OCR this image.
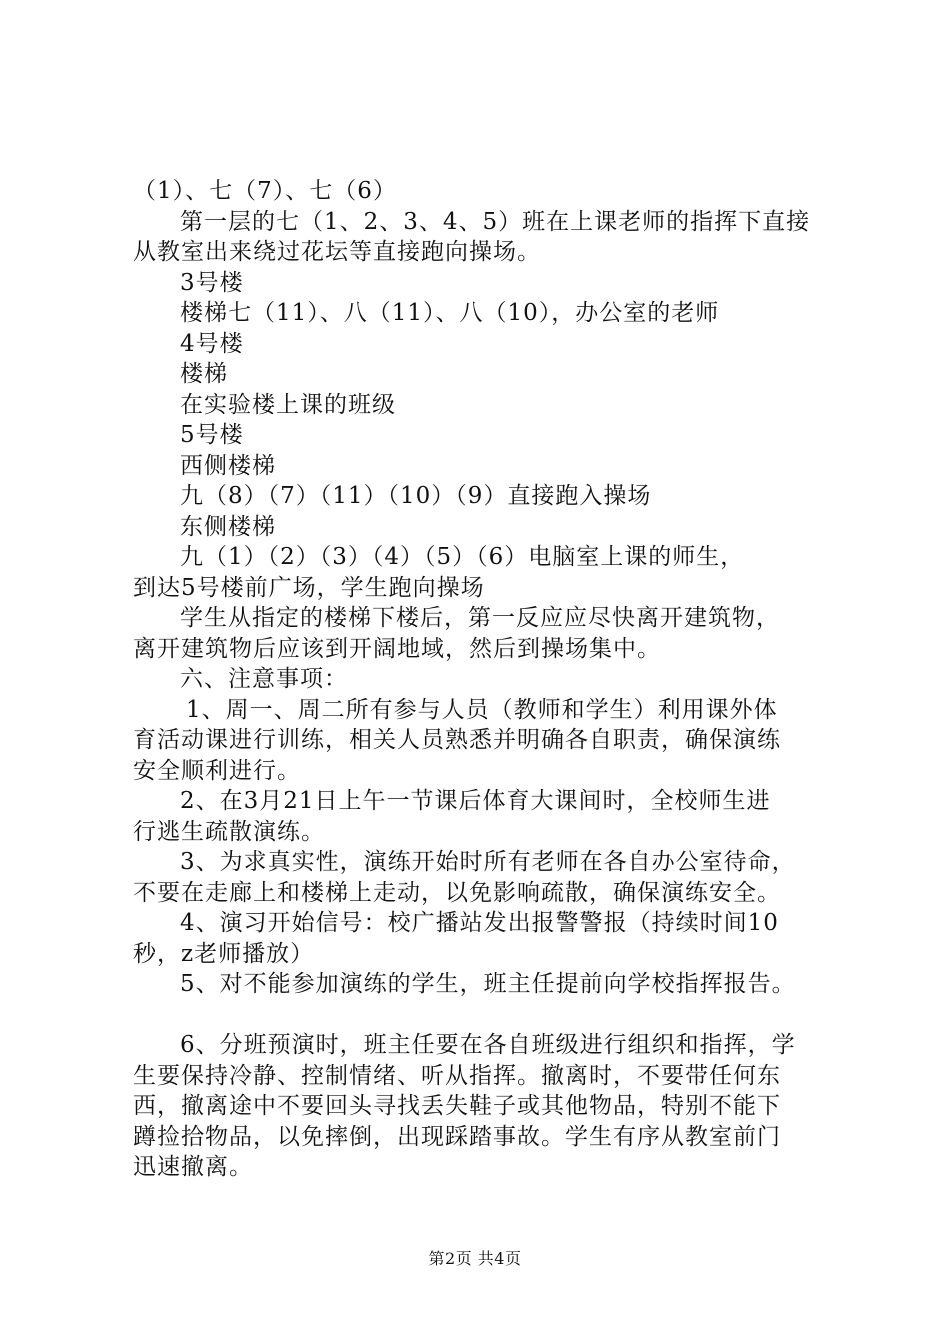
（1）、七（7）、七（6）
第一层的七（1、2、3、4、5）班在上课老师的指挥下直接
从教室出来绕过花坛等直接跑向操场。
3号楼
楼梯七（11）、八（11）、八（10），办公室的老师
4号楼
楼梯
在实验楼上课的班级
5号楼
西侧楼梯
九（8）（7）（11）（10）（9）直接跑入操场
东侧楼梯
九（1）（2）（3）（4）（5）（6）电脑室上课的师生，
到达5号楼前广场，学生跑向操场
学生从指定的楼梯下楼后，第一反应应尽快离开建筑物，
离开建筑物后应该到开阔地域，然后到操场集中。
六、注意事项：
1、周一、周二所有参与人员（教师和学生）利用课外体
育活动课进行训练，相关人员熟悉并明确各自职责，确保演练
安全顺利进行。
2、在3月21日上午一节课后体育大课间时，全校师生进
行逃生疏散演练。
3、为求真实性，演练开始时所有老师在各自办公室待命，
不要在走廊上和楼梯上走动，以免影响疏散，确保演练安全。
4、演习开始信号：校广播站发出报警警报（持续时间10
秒，z老师播放）
5、对不能参加演练的学生，班主任提前向学校指挥报告。
6、分班预演时，班主任要在各自班级进行组织和指挥，学
生要保持冷静、控制情绪、听从指挥。撤离时，不要带任何东
西，撤离途中不要回头寻找丢失鞋子或其他物品，特别不能下
蹲捡拾物品，以免摔倒，出现踩踏事故。学生有序从教室前门
迅速撤离。
第2页 共4页
